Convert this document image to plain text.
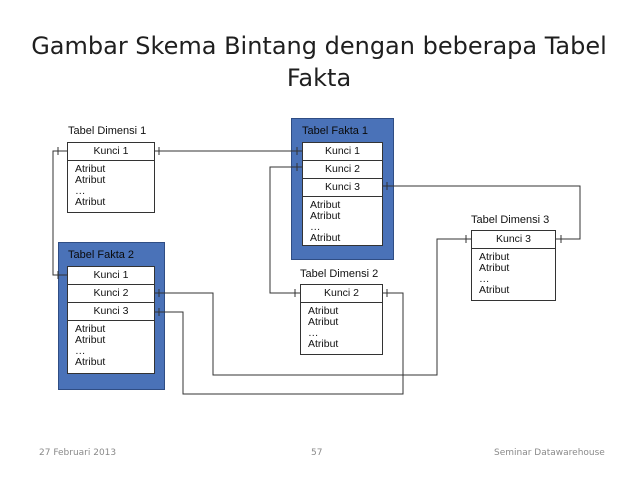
Gambar Skema Bintang dengan beberapa Tabel
Fakta
Tabel Dimensi 1
Kunci 1
Atribut
Atribut
…
Atribut
Tabel Fakta 1
Kunci 1
Kunci 2
Kunci 3
Atribut
Atribut
…
Atribut
Tabel Fakta 2
Kunci 1
Kunci 2
Kunci 3
Atribut
Atribut
…
Atribut
Tabel Dimensi 2
Kunci 2
Atribut
Atribut
…
Atribut
Tabel Dimensi 3
Kunci 3
Atribut
Atribut
…
Atribut
27 Februari 2013	57	Seminar Datawarehouse
